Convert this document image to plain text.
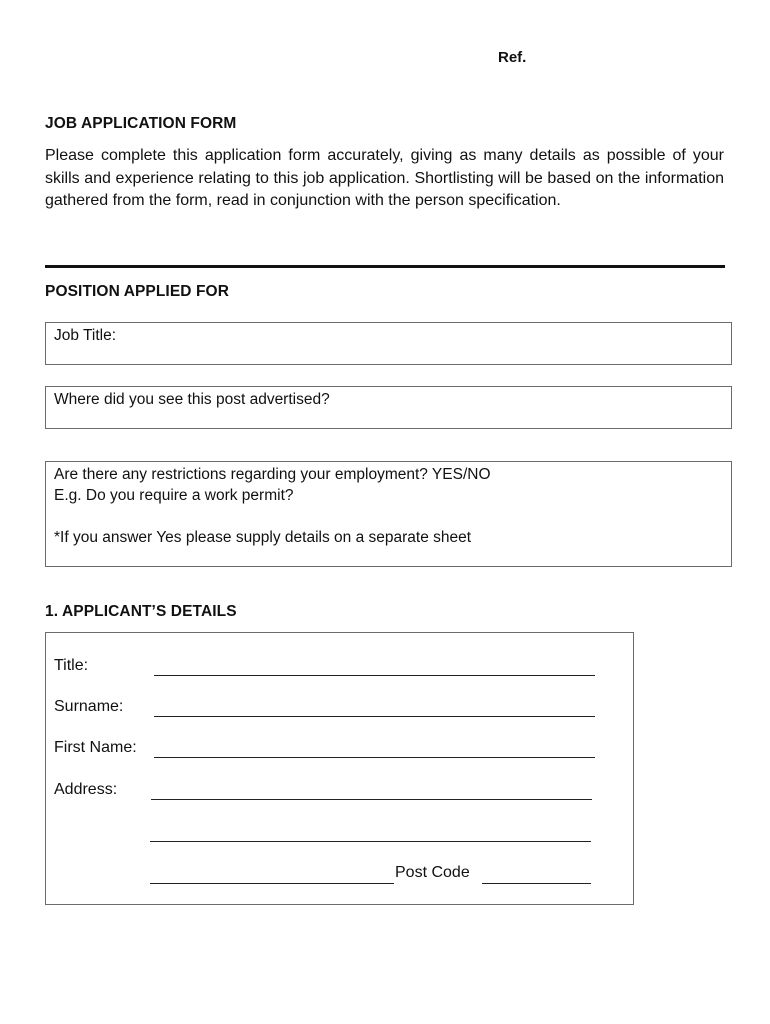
Ref.
JOB APPLICATION FORM
Please complete this application form accurately, giving as many details as possible of your skills and experience relating to this job application. Shortlisting will be based on the information gathered from the form, read in conjunction with the person specification.
POSITION APPLIED FOR

Job Title:

Where did you see this post advertised?

Are there any restrictions regarding your employment? YES/NO

E.g. Do you require a work permit?

*If you answer Yes please supply details on a separate sheet

1. APPLICANT’S DETAILS
Title:
Surname:
First Name:
Address:
Post Code
